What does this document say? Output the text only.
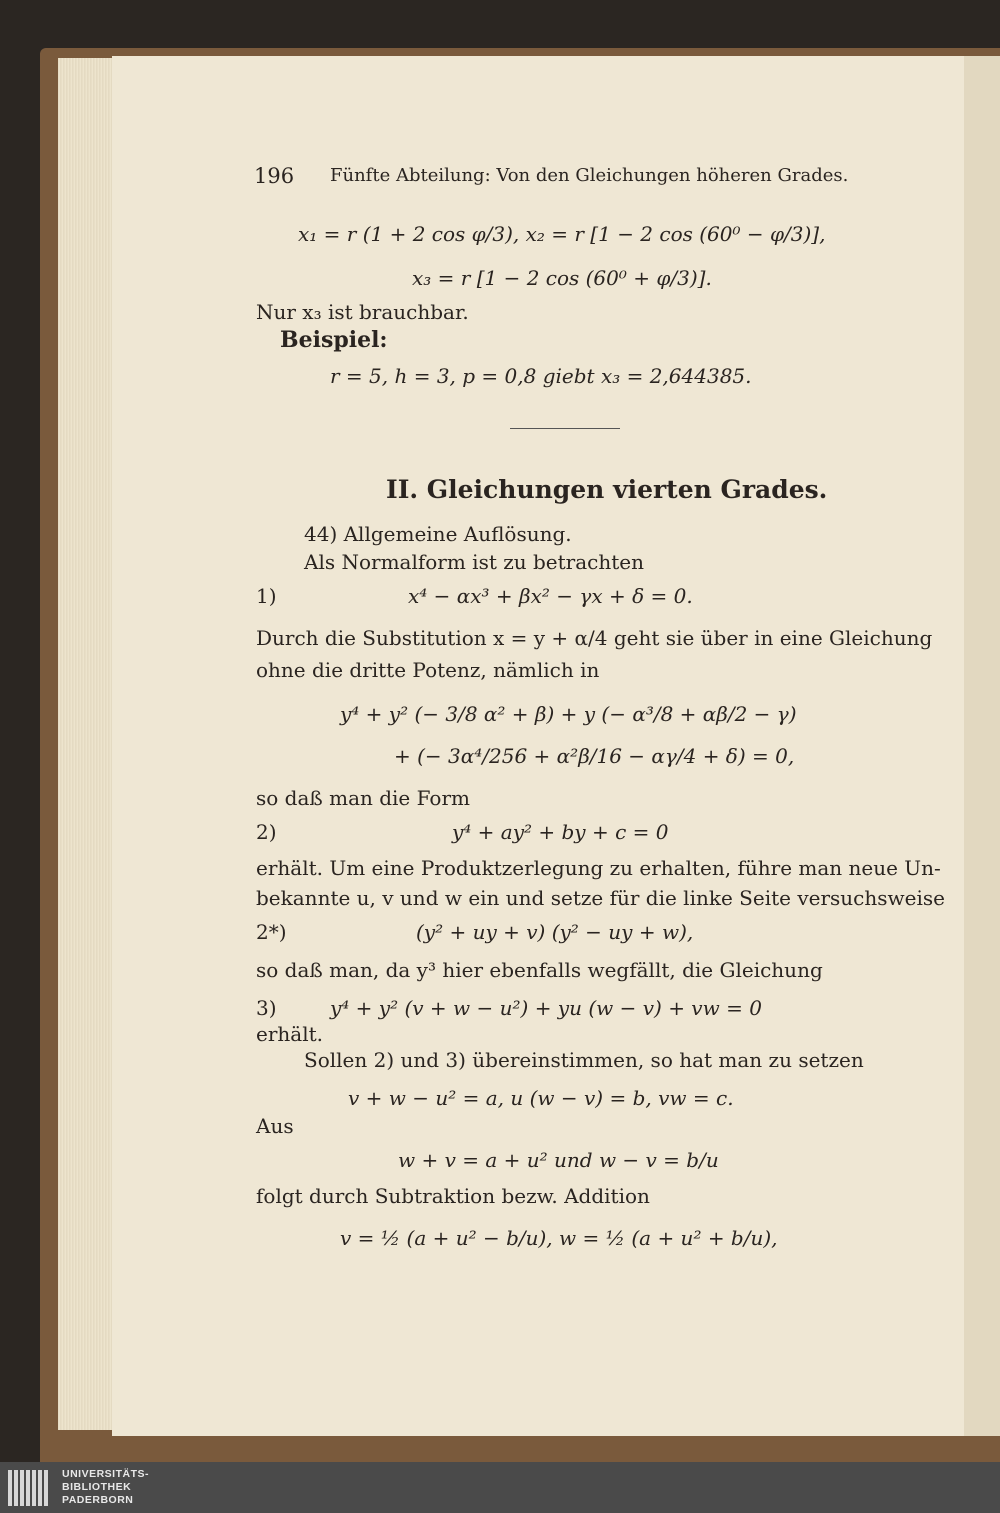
196 Fünfte Abteilung: Von den Gleichungen höheren Grades.
x₁ = r (1 + 2 cos φ/3), x₂ = r [1 − 2 cos (60⁰ − φ/3)],
x₃ = r [1 − 2 cos (60⁰ + φ/3)].
Nur x₃ ist brauchbar.
Beispiel:
r = 5, h = 3, p = 0,8 giebt x₃ = 2,644385.
II. Gleichungen vierten Grades.
44) Allgemeine Auflösung.
Als Normalform ist zu betrachten
1)	x⁴ − αx³ + βx² − γx + δ = 0.
Durch die Substitution x = y + α/4 geht sie über in eine Gleichung
ohne die dritte Potenz, nämlich in
y⁴ + y² (− 3/8 α² + β) + y (− α³/8 + αβ/2 − γ)
+ (− 3α⁴/256 + α²β/16 − αγ/4 + δ) = 0,
so daß man die Form
2)	y⁴ + ay² + by + c = 0
erhält. Um eine Produktzerlegung zu erhalten, führe man neue Un-
bekannte u, v und w ein und setze für die linke Seite versuchsweise
2*)	(y² + uy + v) (y² − uy + w),
so daß man, da y³ hier ebenfalls wegfällt, die Gleichung
3)	y⁴ + y² (v + w − u²) + yu (w − v) + vw = 0
erhält.
Sollen 2) und 3) übereinstimmen, so hat man zu setzen
v + w − u² = a, u (w − v) = b, vw = c.
Aus
w + v = a + u² und w − v = b/u
folgt durch Subtraktion bezw. Addition
v = ½ (a + u² − b/u), w = ½ (a + u² + b/u),
UNIVERSITÄTS-
BIBLIOTHEK
PADERBORN
